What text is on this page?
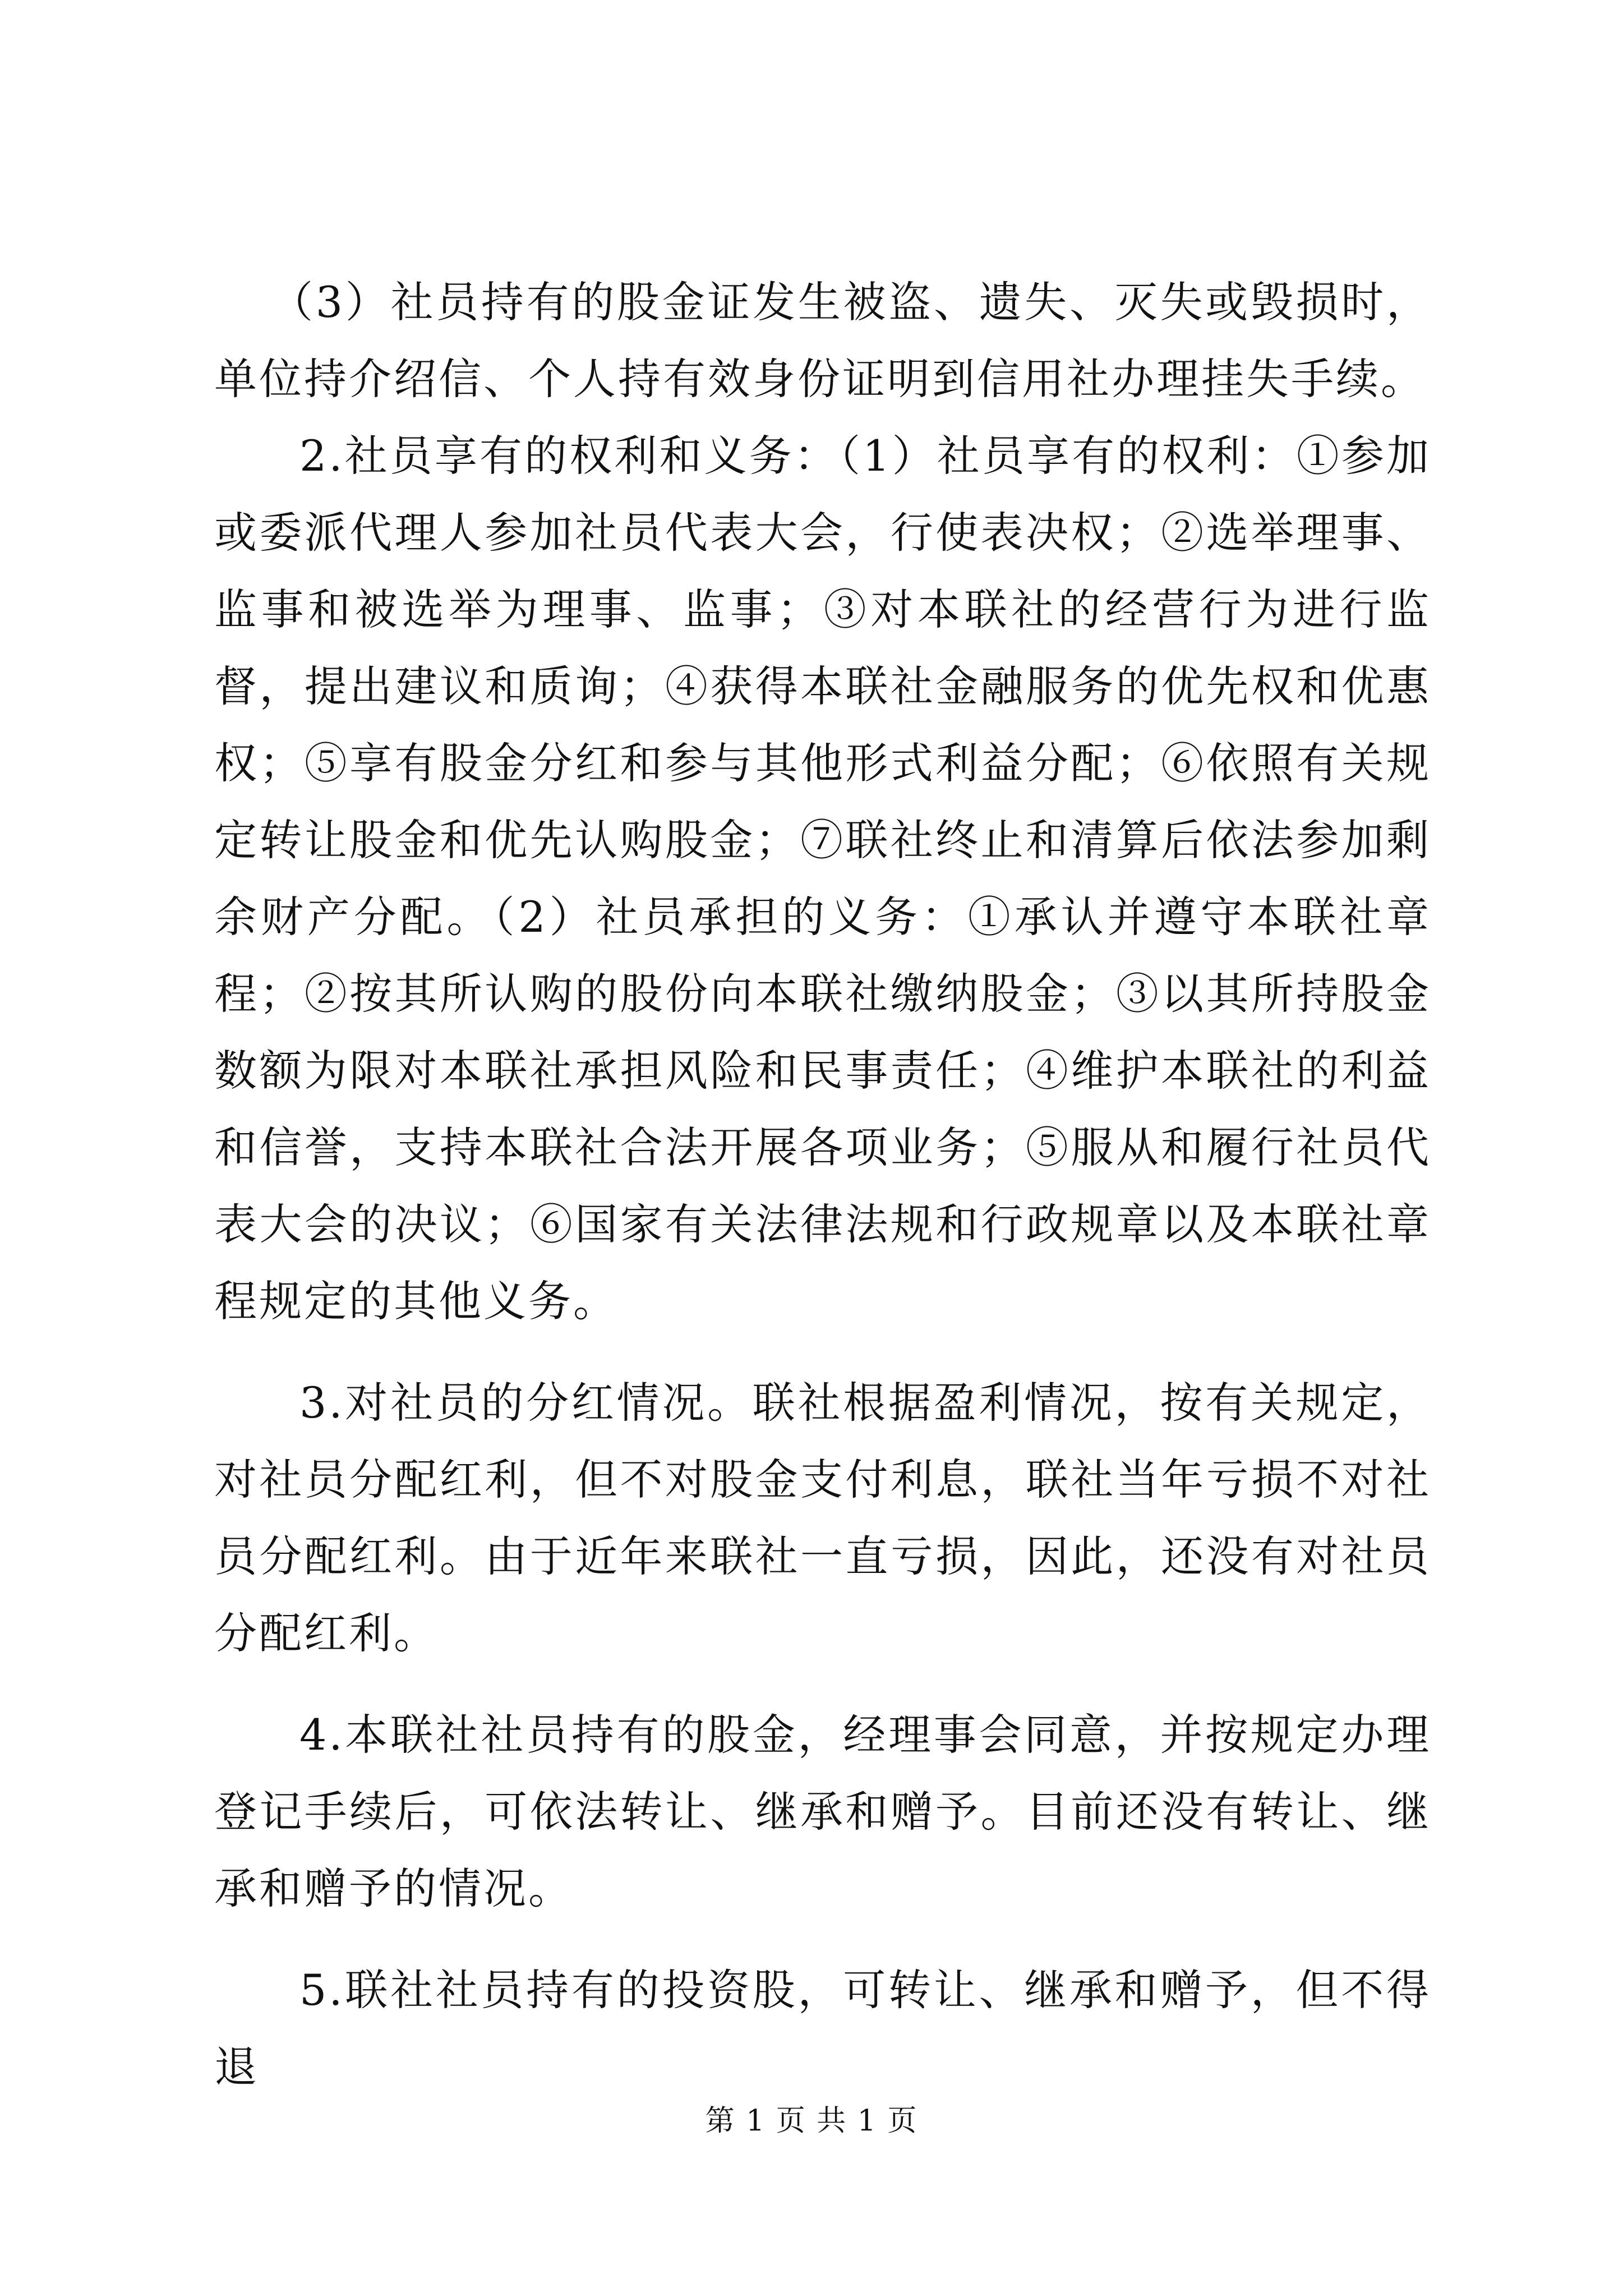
（3）社员持有的股金证发生被盗、遗失、灭失或毁损时，单位持介绍信、个人持有效身份证明到信用社办理挂失手续。

2.社员享有的权利和义务：（1）社员享有的权利：①参加或委派代理人参加社员代表大会，行使表决权；②选举理事、监事和被选举为理事、监事；③对本联社的经营行为进行监督，提出建议和质询；④获得本联社金融服务的优先权和优惠权；⑤享有股金分红和参与其他形式利益分配；⑥依照有关规定转让股金和优先认购股金；⑦联社终止和清算后依法参加剩余财产分配。（2）社员承担的义务：①承认并遵守本联社章程；②按其所认购的股份向本联社缴纳股金；③以其所持股金数额为限对本联社承担风险和民事责任；④维护本联社的利益和信誉，支持本联社合法开展各项业务；⑤服从和履行社员代表大会的决议；⑥国家有关法律法规和行政规章以及本联社章程规定的其他义务。

3.对社员的分红情况。联社根据盈利情况，按有关规定，对社员分配红利，但不对股金支付利息，联社当年亏损不对社员分配红利。由于近年来联社一直亏损，因此，还没有对社员分配红利。

4.本联社社员持有的股金，经理事会同意，并按规定办理登记手续后，可依法转让、继承和赠予。目前还没有转让、继承和赠予的情况。

5.联社社员持有的投资股，可转让、继承和赠予，但不得退

第 1 页 共 1 页
